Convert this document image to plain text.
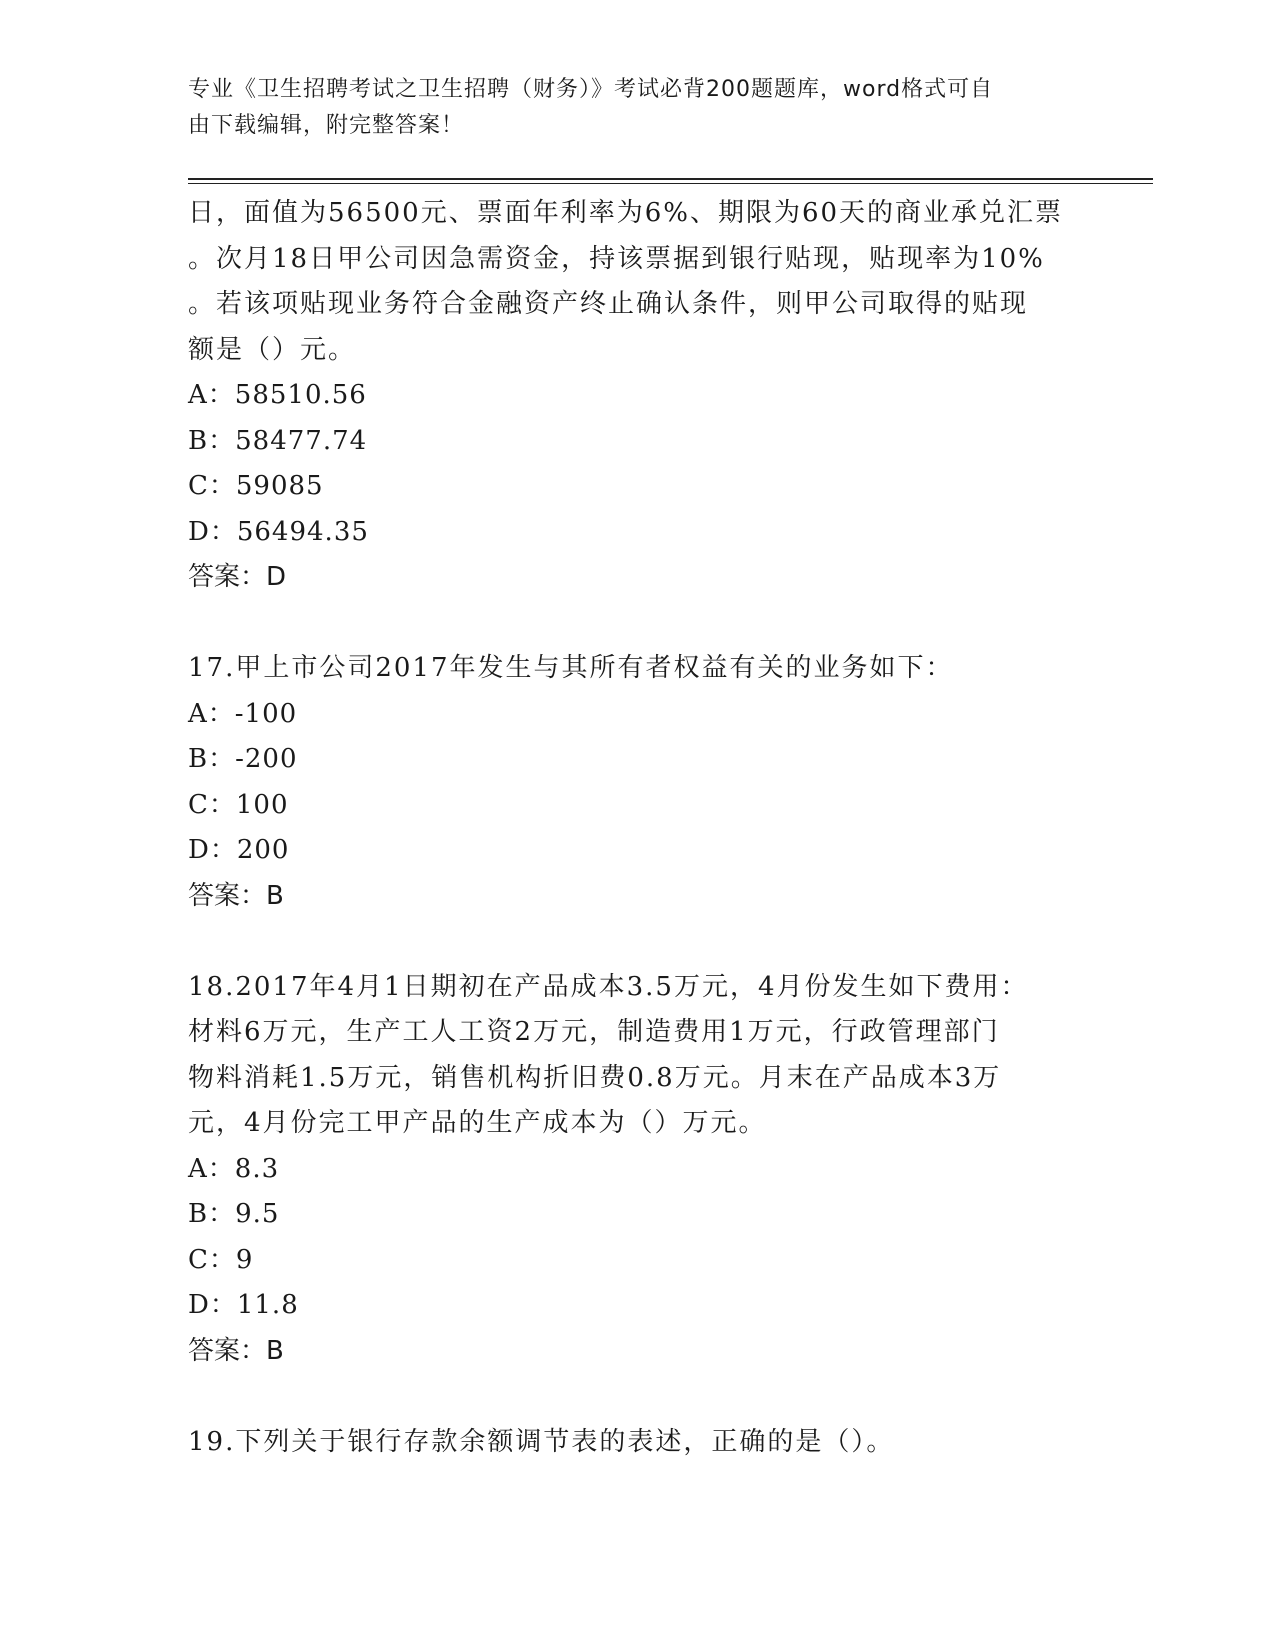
专业《卫生招聘考试之卫生招聘（财务）》考试必背200题题库，word格式可自
由下载编辑，附完整答案！

日，面值为56500元、票面年利率为6%、期限为60天的商业承兑汇票

。次月18日甲公司因急需资金，持该票据到银行贴现，贴现率为10%

。若该项贴现业务符合金融资产终止确认条件，则甲公司取得的贴现

额是（）元。

A：58510.56

B：58477.74

C：59085

D：56494.35

答案：D

17.甲上市公司2017年发生与其所有者权益有关的业务如下：

A：-100

B：-200

C：100

D：200

答案：B

18.2017年4月1日期初在产品成本3.5万元，4月份发生如下费用：

材料6万元，生产工人工资2万元，制造费用1万元，行政管理部门

物料消耗1.5万元，销售机构折旧费0.8万元。月末在产品成本3万

元，4月份完工甲产品的生产成本为（）万元。

A：8.3

B：9.5

C：9

D：11.8

答案：B

19.下列关于银行存款余额调节表的表述，正确的是（）。
